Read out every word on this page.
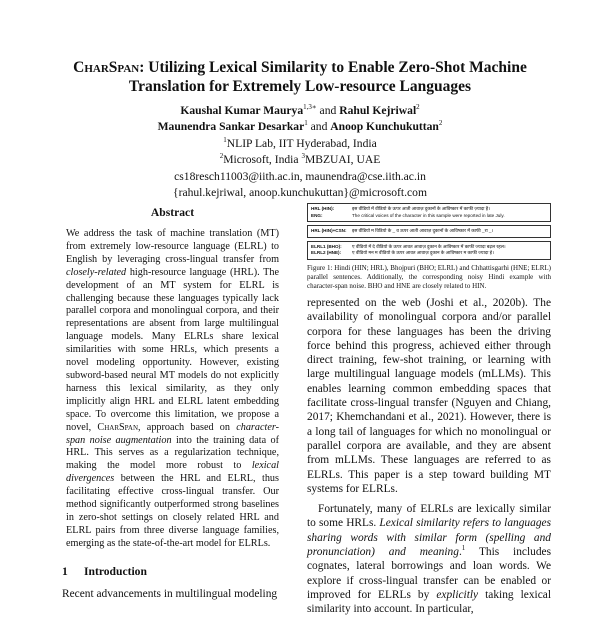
CharSpan: Utilizing Lexical Similarity to Enable Zero-Shot Machine Translation for Extremely Low-resource Languages
Kaushal Kumar Maurya$^{1,3∗}$ and Rahul Kejriwal$^2$
Maunendra Sankar Desarkar$^1$ and Anoop Kunchukuttan$^2$
$^1$NLIP Lab, IIT Hyderabad, India
$^2$Microsoft, India $^3$MBZUAI, UAE
cs18resch11003@iith.ac.in, maunendra@cse.iith.ac.in
{rahul.kejriwal, anoop.kunchukuttan}@microsoft.com
Abstract
We address the task of machine translation (MT) from extremely low-resource language (ELRL) to English by leveraging cross-lingual transfer from closely-related high-resource language (HRL). The development of an MT system for ELRL is challenging because these languages typically lack parallel corpora and monolingual corpora, and their representations are absent from large multilingual language models. Many ELRLs share lexical similarities with some HRLs, which presents a novel modeling opportunity. However, existing subword-based neural MT models do not explicitly harness this lexical similarity, as they only implicitly align HRL and ELRL latent embedding space. To overcome this limitation, we propose a novel, CharSpan, approach based on character-span noise augmentation into the training data of HRL. This serves as a regularization technique, making the model more robust to lexical divergences between the HRL and ELRL, thus facilitating effective cross-lingual transfer. Our method significantly outperformed strong baselines in zero-shot settings on closely related HRL and ELRL pairs from three diverse language families, emerging as the state-of-the-art model for ELRLs.
1 Introduction
Recent advancements in multilingual modeling
HRL (HIN):	इस वीडियो में वीडियो के ऊपर आती आवाज़ दुकानों के आविष्कार में काफी ज़्यादा है।
ENG:	The critical voices of the character in this sample were reported in late July.
HRL (HIN)+CSN:	इस वीडियो म विडियो के _ व ऊपर आती आवाज़ दुकानों के आविष्कार में काफी _रा _।
ELRL1 (BHO):	ए वीडियो में दे वीडियो के ऊपर आवत आवाज़ दुकान के आविष्कार में काफी ज्यादा बढ़ल रहल।
ELRL2 (HNE):	ए वीडियो मन म वीडियो के ऊपर आवत आवाज़ दुकान के आविष्कार म काफी ज्यादा हे।
Figure 1: Hindi (HIN; HRL), Bhojpuri (BHO; ELRL) and Chhattisgarhi (HNE; ELRL) parallel sentences. Additionally, the corresponding noisy Hindi example with character-span noise. BHO and HNE are closely related to HIN.

represented on the web (Joshi et al., 2020b). The availability of monolingual corpora and/or parallel corpora for these languages has been the driving force behind this progress, achieved either through direct training, few-shot training, or learning with large multilingual language models (mLLMs). This enables learning common embedding spaces that facilitate cross-lingual transfer (Nguyen and Chiang, 2017; Khemchandani et al., 2021). However, there is a long tail of languages for which no monolingual or parallel corpora are available, and they are absent from mLLMs. These languages are referred to as ELRLs. This paper is a step toward building MT systems for ELRLs.

Fortunately, many of ELRLs are lexically similar to some HRLs. Lexical similarity refers to languages sharing words with similar form (spelling and pronunciation) and meaning.$^1$ This includes cognates, lateral borrowings and loan words. We explore if cross-lingual transfer can be enabled or improved for ELRLs by explicitly taking lexical similarity into account. In particular,
